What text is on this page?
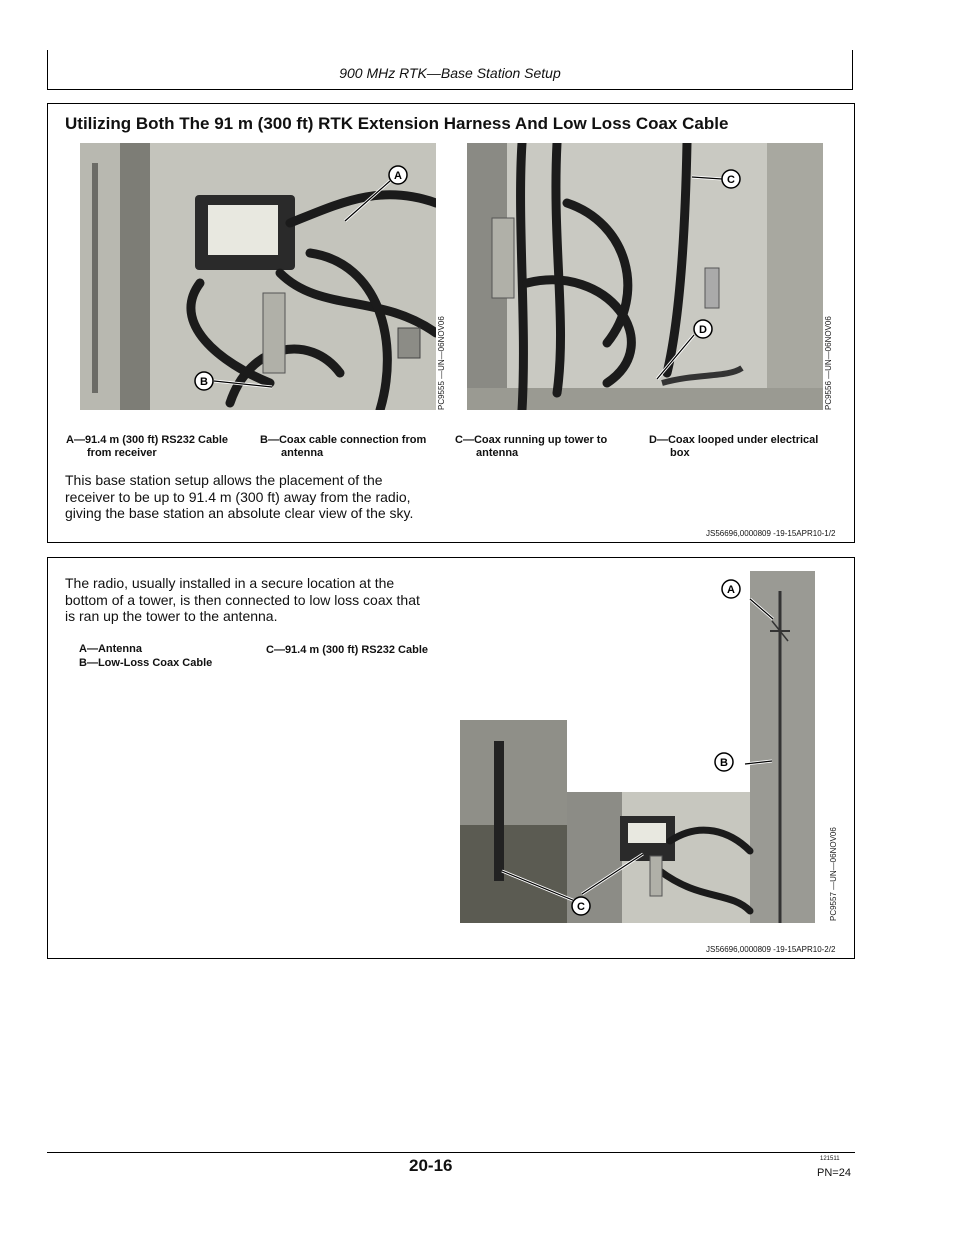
900 MHz RTK—Base Station Setup
Utilizing Both The 91 m (300 ft) RTK Extension Harness And Low Loss Coax Cable
A
B	PC9555 —UN—06NOV06
C
D	PC9556 —UN—06NOV06
A—91.4 m (300 ft) RS232 Cable
from receiver
B—Coax cable connection from
antenna
C—Coax running up tower to
antenna
D—Coax looped under electrical
box
This base station setup allows the placement of the
receiver to be up to 91.4 m (300 ft) away from the radio,
giving the base station an absolute clear view of the sky.
JS56696,0000809 -19-15APR10-1/2
The radio, usually installed in a secure location at the
bottom of a tower, is then connected to low loss coax that
is ran up the tower to the antenna.
A—Antenna
B—Low-Loss Coax Cable
C—91.4 m (300 ft) RS232 Cable
A
B
C	PC9557 —UN—06NOV06
JS56696,0000809 -19-15APR10-2/2
20-16	121511
PN=24
